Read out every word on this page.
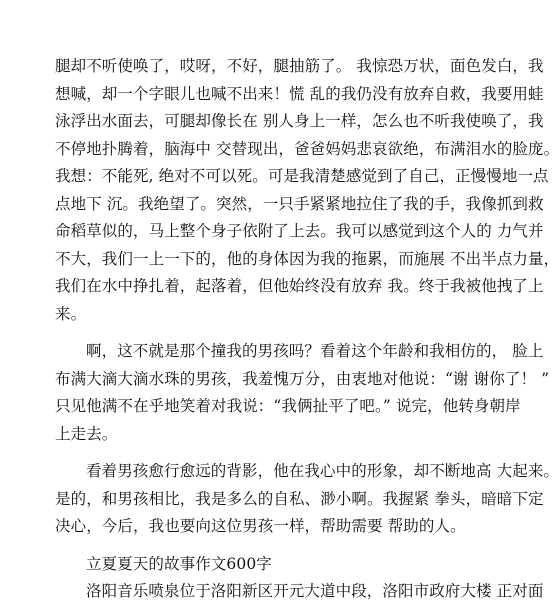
腿却不听使唤了，哎呀，不好，腿抽筋了。 我惊恐万状，面色发白，我
想喊，却一个字眼儿也喊不出来！慌 乱的我仍没有放弃自救，我要用蛙
泳浮出水面去，可腿却像长在 别人身上一样，怎么也不听我使唤了，我
不停地扑腾着，脑海中 交替现出，爸爸妈妈悲哀欲绝，布满泪水的脸庞。
我想：不能死, 绝对不可以死。可是我清楚感觉到了自己，正慢慢地一点
点地下 沉。我绝望了。突然，一只手紧紧地拉住了我的手，我像抓到救
命稻草似的，马上整个身子依附了上去。我可以感觉到这个人的 力气并
不大，我们一上一下的，他的身体因为我的拖累，而施展 不出半点力量，
我们在水中挣扎着，起落着，但他始终没有放弃 我。终于我被他拽了上
来。
啊，这不就是那个撞我的男孩吗？看着这个年龄和我相仿的， 脸上
布满大滴大滴水珠的男孩，我羞愧万分，由衷地对他说：“谢 谢你了！ ”
只见他满不在乎地笑着对我说：“我俩扯平了吧。” 说完，他转身朝岸
上走去。
看着男孩愈行愈远的背影，他在我心中的形象，却不断地高 大起来。
是的，和男孩相比，我是多么的自私、渺小啊。我握紧 拳头，暗暗下定
决心，今后，我也要向这位男孩一样，帮助需要 帮助的人。
立夏夏天的故事作文600字
洛阳音乐喷泉位于洛阳新区开元大道中段，洛阳市政府大楼 正对面
